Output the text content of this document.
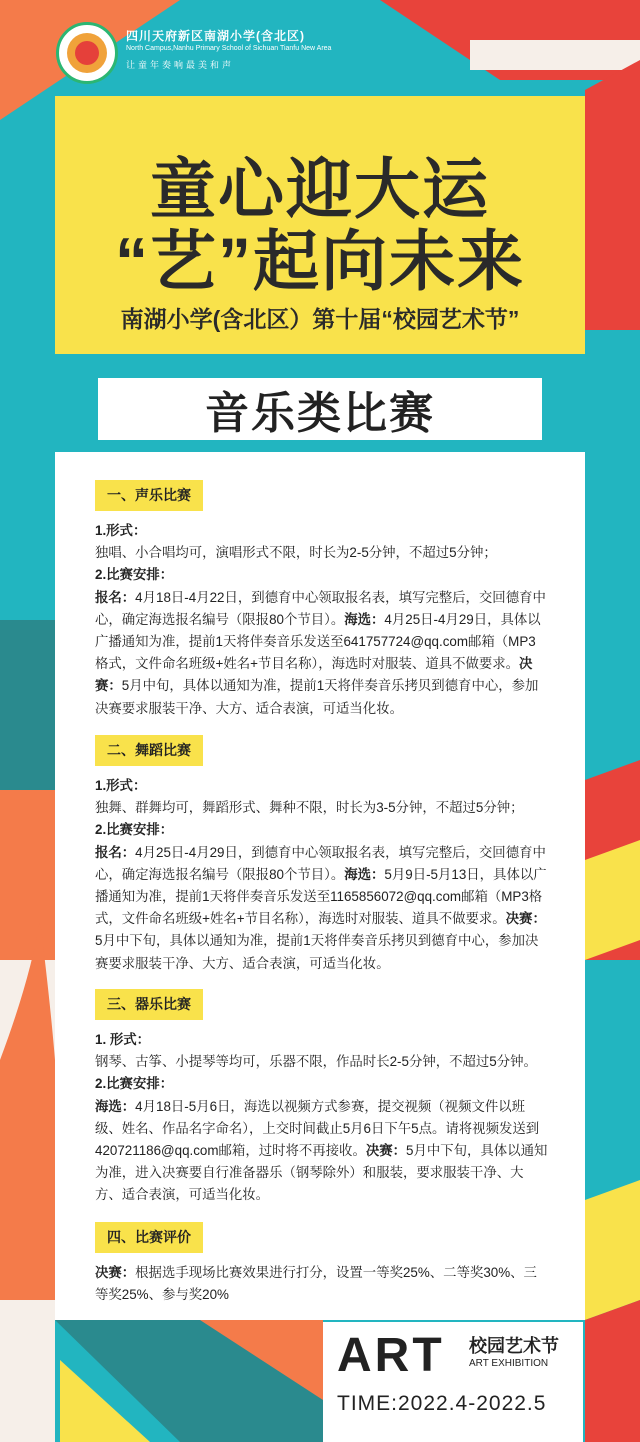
四川天府新区南湖小学(含北区)
North Campus,Nanhu Primary School of Sichuan Tianfu New Area
让童年奏响最美和声
童心迎大运
“艺”起向未来
南湖小学(含北区）第十届“校园艺术节”
音乐类比赛
一、声乐比赛

1.形式：
独唱、小合唱均可，演唱形式不限，时长为2-5分钟，不超过5分钟；

2.比赛安排：
报名：4月18日-4月22日，到德育中心领取报名表，填写完整后，交回德育中心，确定海选报名编号（限报80个节目）。海选：4月25日-4月29日，具体以广播通知为准，提前1天将伴奏音乐发送至641757724@qq.com邮箱（MP3格式，文件命名班级+姓名+节目名称），海选时对服装、道具不做要求。决赛：5月中旬，具体以通知为准，提前1天将伴奏音乐拷贝到德育中心，参加决赛要求服装干净、大方、适合表演，可适当化妆。

二、舞蹈比赛

1.形式：
独舞、群舞均可，舞蹈形式、舞种不限，时长为3-5分钟，不超过5分钟；

2.比赛安排：
报名：4月25日-4月29日，到德育中心领取报名表，填写完整后，交回德育中心，确定海选报名编号（限报80个节目）。海选：5月9日-5月13日，具体以广播通知为准，提前1天将伴奏音乐发送至1165856072@qq.com邮箱（MP3格式，文件命名班级+姓名+节目名称），海选时对服装、道具不做要求。决赛：5月中下旬，具体以通知为准，提前1天将伴奏音乐拷贝到德育中心，参加决赛要求服装干净、大方、适合表演，可适当化妆。

三、器乐比赛

1. 形式：
钢琴、古筝、小提琴等均可，乐器不限，作品时长2-5分钟，不超过5分钟。

2.比赛安排：
海选：4月18日-5月6日，海选以视频方式参赛，提交视频（视频文件以班级、姓名、作品名字命名），上交时间截止5月6日下午5点。请将视频发送到420721186@qq.com邮箱，过时将不再接收。决赛：5月中下旬，具体以通知为准，进入决赛要自行准备器乐（钢琴除外）和服装，要求服装干净、大方、适合表演，可适当化妆。

四、比赛评价

决赛：根据选手现场比赛效果进行打分，设置一等奖25%、二等奖30%、三等奖25%、参与奖20%

ART 校园艺术节
ART EXHIBITION
TIME:2022.4-2022.5
